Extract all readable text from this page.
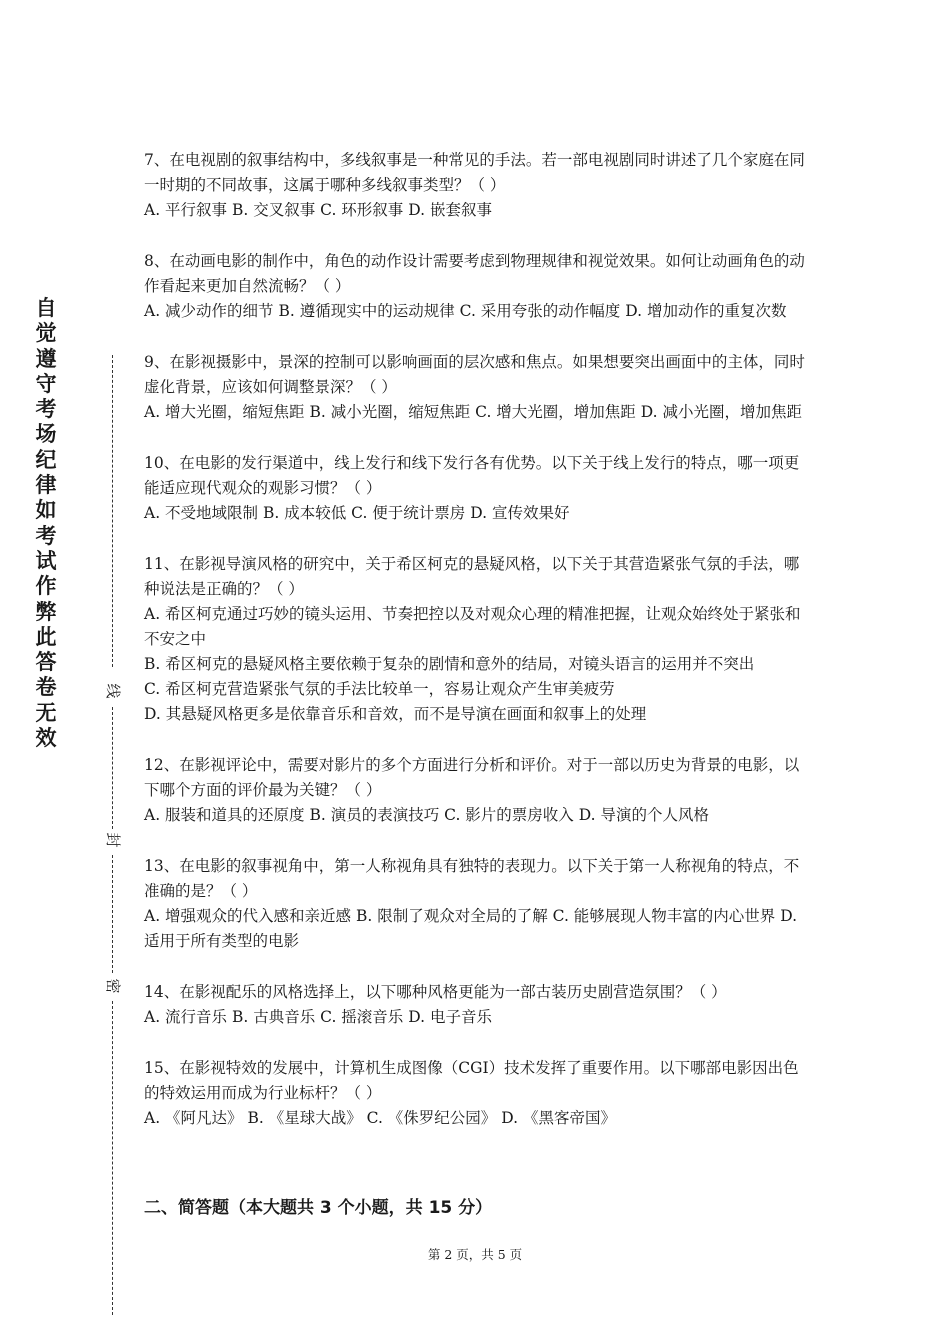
自
觉
遵
守
考
场
纪
律
如
考
试
作
弊
此
答
卷
无
效
线
封
密

7、在电视剧的叙事结构中，多线叙事是一种常见的手法。若一部电视剧同时讲述了几个家庭在同一时期的不同故事，这属于哪种多线叙事类型？（ ）

A. 平行叙事 B. 交叉叙事 C. 环形叙事 D. 嵌套叙事

8、在动画电影的制作中，角色的动作设计需要考虑到物理规律和视觉效果。如何让动画角色的动作看起来更加自然流畅？（ ）

A. 减少动作的细节 B. 遵循现实中的运动规律 C. 采用夸张的动作幅度 D. 增加动作的重复次数

9、在影视摄影中，景深的控制可以影响画面的层次感和焦点。如果想要突出画面中的主体，同时虚化背景，应该如何调整景深？（ ）

A. 增大光圈，缩短焦距 B. 减小光圈，缩短焦距 C. 增大光圈，增加焦距 D. 减小光圈，增加焦距

10、在电影的发行渠道中，线上发行和线下发行各有优势。以下关于线上发行的特点，哪一项更能适应现代观众的观影习惯？（ ）

A. 不受地域限制 B. 成本较低 C. 便于统计票房 D. 宣传效果好

11、在影视导演风格的研究中，关于希区柯克的悬疑风格，以下关于其营造紧张气氛的手法，哪种说法是正确的？（ ）

A. 希区柯克通过巧妙的镜头运用、节奏把控以及对观众心理的精准把握，让观众始终处于紧张和不安之中

B. 希区柯克的悬疑风格主要依赖于复杂的剧情和意外的结局，对镜头语言的运用并不突出

C. 希区柯克营造紧张气氛的手法比较单一，容易让观众产生审美疲劳

D. 其悬疑风格更多是依靠音乐和音效，而不是导演在画面和叙事上的处理

12、在影视评论中，需要对影片的多个方面进行分析和评价。对于一部以历史为背景的电影，以下哪个方面的评价最为关键？（ ）

A. 服装和道具的还原度 B. 演员的表演技巧 C. 影片的票房收入 D. 导演的个人风格

13、在电影的叙事视角中，第一人称视角具有独特的表现力。以下关于第一人称视角的特点，不准确的是？（ ）

A. 增强观众的代入感和亲近感 B. 限制了观众对全局的了解 C. 能够展现人物丰富的内心世界 D. 适用于所有类型的电影

14、在影视配乐的风格选择上，以下哪种风格更能为一部古装历史剧营造氛围？（ ）

A. 流行音乐 B. 古典音乐 C. 摇滚音乐 D. 电子音乐

15、在影视特效的发展中，计算机生成图像（CGI）技术发挥了重要作用。以下哪部电影因出色的特效运用而成为行业标杆？（ ）

A. 《阿凡达》 B. 《星球大战》 C. 《侏罗纪公园》 D. 《黑客帝国》

二、简答题（本大题共 3 个小题，共 15 分）
第 2 页，共 5 页
